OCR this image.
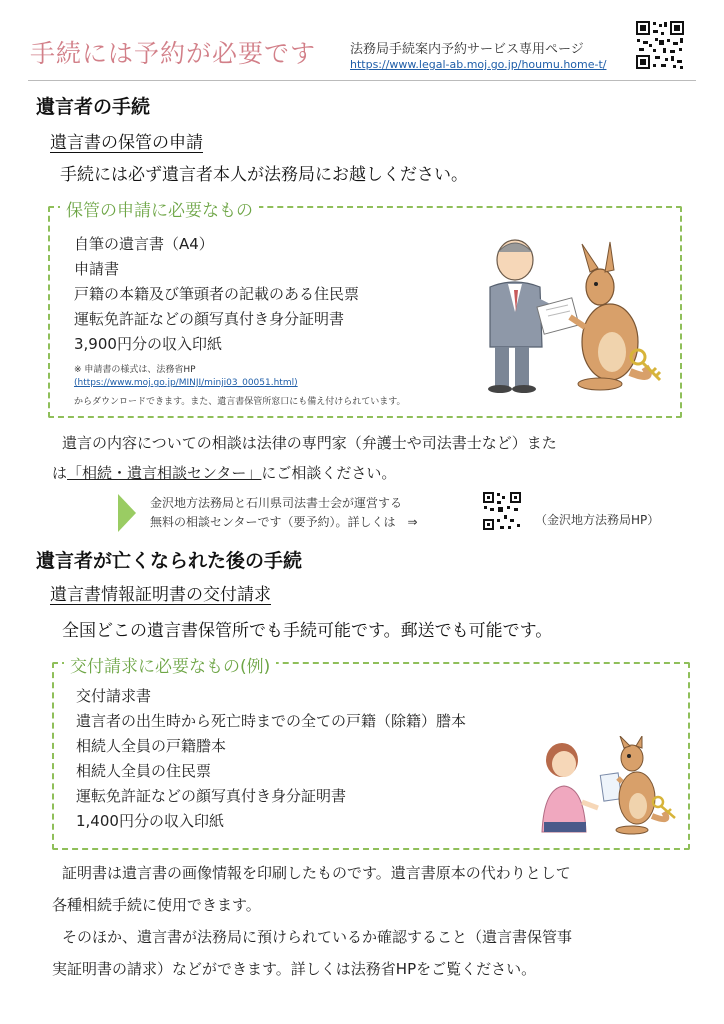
手続には予約が必要です	法務局手続案内予約サービス専用ページ
https://www.legal-ab.moj.go.jp/houmu.home-t/
遺言者の手続
遺言書の保管の申請
手続には必ず遺言者本人が法務局にお越しください。
保管の申請に必要なもの
自筆の遺言書（A4）
申請書
戸籍の本籍及び筆頭者の記載のある住民票
運転免許証などの顔写真付き身分証明書
3,900円分の収入印紙
※ 申請書の様式は、法務省HP
(https://www.moj.go.jp/MINJI/minji03_00051.html)
からダウンロードできます。また、遺言書保管所窓口にも備え付けられています。
遺言の内容についての相談は法律の専門家（弁護士や司法書士など）また
は「相続・遺言相談センター」にご相談ください。
金沢地方法務局と石川県司法書士会が運営する
無料の相談センターです（要予約）。詳しくは　⇒	（金沢地方法務局HP）
遺言者が亡くなられた後の手続
遺言書情報証明書の交付請求
全国どこの遺言書保管所でも手続可能です。郵送でも可能です。
交付請求に必要なもの(例)
交付請求書
遺言者の出生時から死亡時までの全ての戸籍（除籍）謄本
相続人全員の戸籍謄本
相続人全員の住民票
運転免許証などの顔写真付き身分証明書
1,400円分の収入印紙
証明書は遺言書の画像情報を印刷したものです。遺言書原本の代わりとして
各種相続手続に使用できます。
そのほか、遺言書が法務局に預けられているか確認すること（遺言書保管事
実証明書の請求）などができます。詳しくは法務省HPをご覧ください。
